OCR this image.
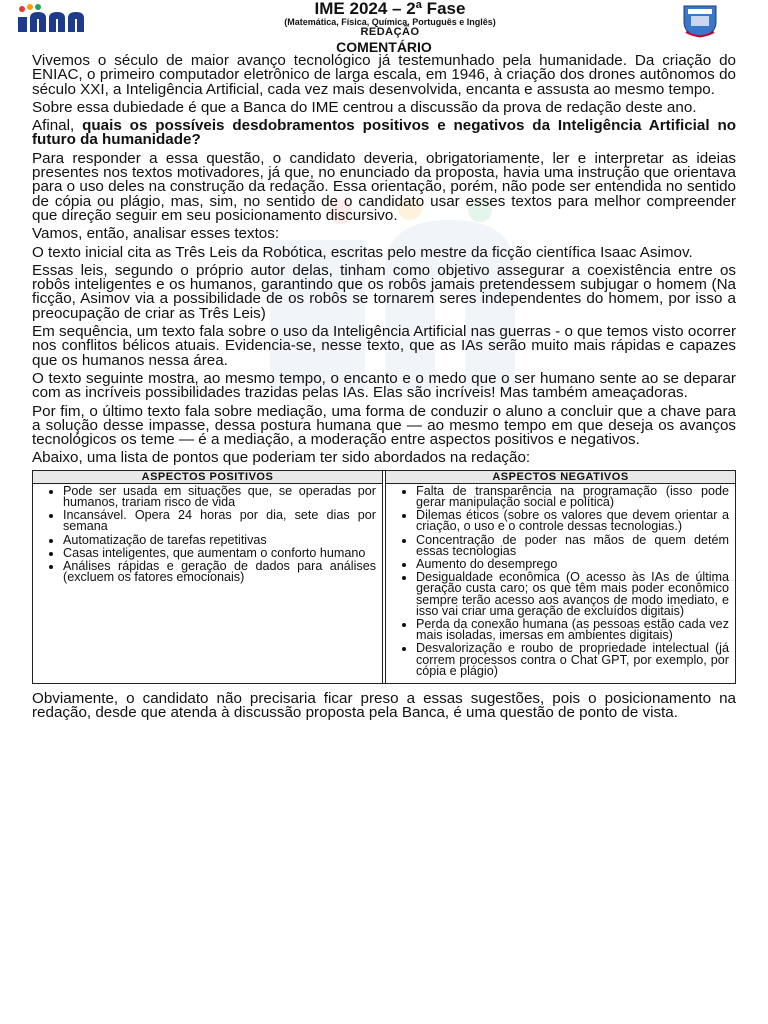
IME 2024 – 2ª Fase
(Matemática, Física, Química, Português e Inglês)
REDAÇÃO
COMENTÁRIO
Vivemos o século de maior avanço tecnológico já testemunhado pela humanidade. Da criação do ENIAC, o primeiro computador eletrônico de larga escala, em 1946, à criação dos drones autônomos do século XXI, a Inteligência Artificial, cada vez mais desenvolvida, encanta e assusta ao mesmo tempo.
Sobre essa dubiedade é que a Banca do IME centrou a discussão da prova de redação deste ano.
Afinal, quais os possíveis desdobramentos positivos e negativos da Inteligência Artificial no futuro da humanidade?
Para responder a essa questão, o candidato deveria, obrigatoriamente, ler e interpretar as ideias presentes nos textos motivadores, já que, no enunciado da proposta, havia uma instrução que orientava para o uso deles na construção da redação. Essa orientação, porém, não pode ser entendida no sentido de cópia ou plágio, mas, sim, no sentido de o candidato usar esses textos para melhor compreender que direção seguir em seu posicionamento discursivo.
Vamos, então, analisar esses textos:
O texto inicial cita as Três Leis da Robótica, escritas pelo mestre da ficção científica Isaac Asimov.
Essas leis, segundo o próprio autor delas, tinham como objetivo assegurar a coexistência entre os robôs inteligentes e os humanos, garantindo que os robôs jamais pretendessem subjugar o homem (Na ficção, Asimov via a possibilidade de os robôs se tornarem seres independentes do homem, por isso a preocupação de criar as Três Leis)
Em sequência, um texto fala sobre o uso da Inteligência Artificial nas guerras - o que temos visto ocorrer nos conflitos bélicos atuais. Evidencia-se, nesse texto, que as IAs serão muito mais rápidas e capazes que os humanos nessa área.
O texto seguinte mostra, ao mesmo tempo, o encanto e o medo que o ser humano sente ao se deparar com as incríveis possibilidades trazidas pelas IAs. Elas são incríveis! Mas também ameaçadoras.
Por fim, o último texto fala sobre mediação, uma forma de conduzir o aluno a concluir que a chave para a solução desse impasse, dessa postura humana que — ao mesmo tempo em que deseja os avanços tecnológicos os teme — é a mediação, a moderação entre aspectos positivos e negativos.
Abaixo, uma lista de pontos que poderiam ter sido abordados na redação:
ASPECTOS POSITIVOS
• Pode ser usada em situações que, se operadas por humanos, trariam risco de vida
• Incansável. Opera 24 horas por dia, sete dias por semana
• Automatização de tarefas repetitivas
• Casas inteligentes, que aumentam o conforto humano
• Análises rápidas e geração de dados para análises (excluem os fatores emocionais)
ASPECTOS NEGATIVOS
• Falta de transparência na programação (isso pode gerar manipulação social e política)
• Dilemas éticos (sobre os valores que devem orientar a criação, o uso e o controle dessas tecnologias.)
• Concentração de poder nas mãos de quem detém essas tecnologias
• Aumento do desemprego
• Desigualdade econômica (O acesso às IAs de última geração custa caro; os que têm mais poder econômico sempre terão acesso aos avanços de modo imediato, e isso vai criar uma geração de excluídos digitais)
• Perda da conexão humana (as pessoas estão cada vez mais isoladas, imersas em ambientes digitais)
• Desvalorização e roubo de propriedade intelectual (já correm processos contra o Chat GPT, por exemplo, por cópia e plágio)
Obviamente, o candidato não precisaria ficar preso a essas sugestões, pois o posicionamento na redação, desde que atenda à discussão proposta pela Banca, é uma questão de ponto de vista.
